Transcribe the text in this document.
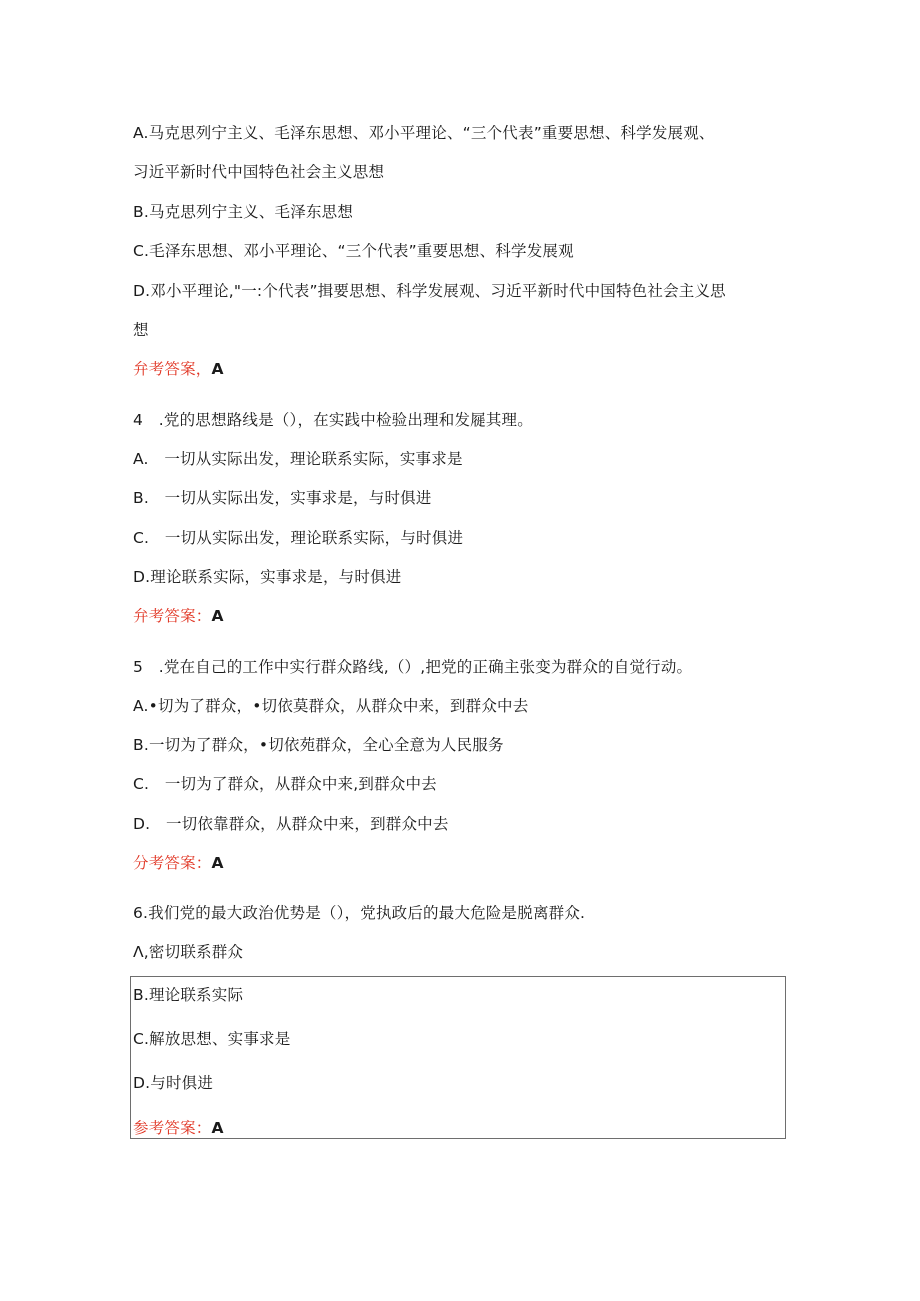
A.马克思列宁主义、毛泽东思想、邓小平理论、“三个代表”重要思想、科学发展观、
习近平新时代中国特色社会主义思想
B.马克思列宁主义、毛泽东思想
C.毛泽东思想、邓小平理论、“三个代表”重要思想、科学发展观
D.邓小平理论,"一:个代表”揖要思想、科学发展观、习近平新时代中国特色社会主义思
想
弁考答案，A
4　.党的思想路线是（），在实践中检验出理和发屣其理。
A.　一切从实际出发，理论联系实际，实事求是
B.　一切从实际出发，实事求是，与时俱进
C.　一切从实际出发，理论联系实际，与时俱进
D.理论联系实际，实事求是，与时俱进
弁考答案：A
5　.党在自己的工作中实行群众路线,（）,把党的正确主张变为群众的自觉行动。
A.•切为了群众，•切依莫群众，从群众中来，到群众中去
B.一切为了群众，•切依苑群众，全心全意为人民服务
C.　一切为了群众，从群众中来,到群众中去
D.　一切依靠群众，从群众中来，到群众中去
分考答案：A
6.我们党的最大政治优势是（），党执政后的最大危险是脱离群众.
Λ,密切联系群众
B.理论联系实际
C.解放思想、实事求是
D.与时俱进
参考答案：A
